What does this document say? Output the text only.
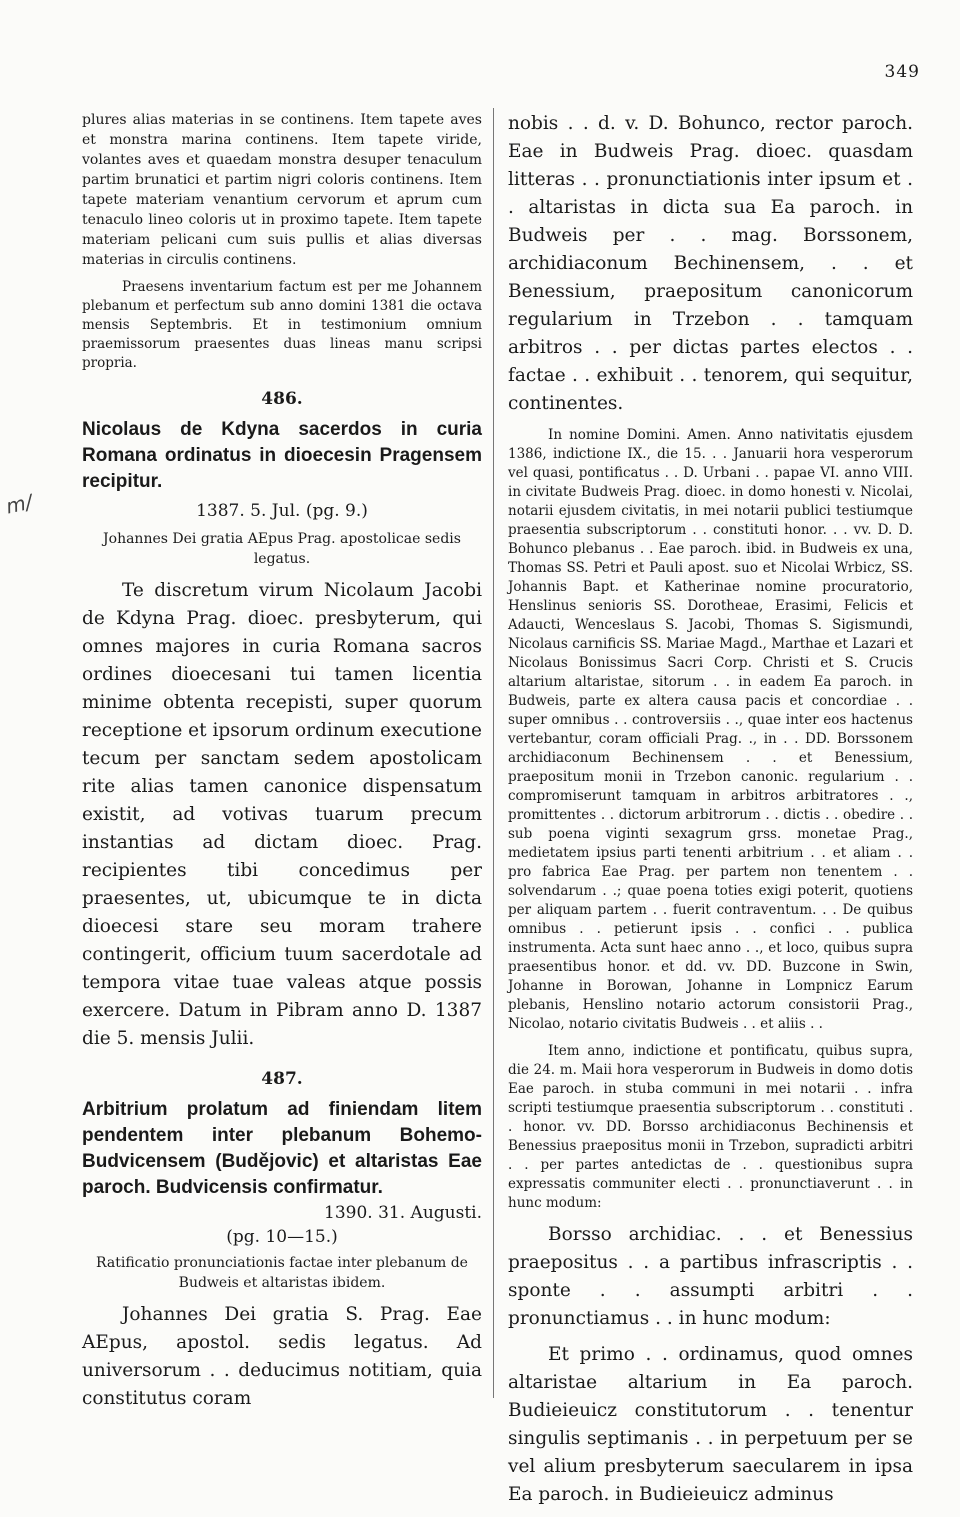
349
m/

plures alias materias in se continens. Item tapete aves et monstra marina continens. Item tapete viride, volantes aves et quaedam monstra desuper tenaculum partim brunatici et partim nigri coloris continens. Item tapete materiam venantium cervorum et aprum cum tenaculo lineo coloris ut in proximo tapete. Item tapete materiam pelicani cum suis pullis et alias diversas materias in circulis continens.

Praesens inventarium factum est per me Johannem plebanum et perfectum sub anno domini 1381 die octava mensis Septembris. Et in testimonium omnium praemissorum praesentes duas lineas manu scripsi propria.

486.

Nicolaus de Kdyna sacerdos in curia Romana ordinatus in dioecesin Pragensem recipitur.

1387. 5. Jul. (pg. 9.)

Johannes Dei gratia AEpus Prag. apostolicae sedis legatus.

Te discretum virum Nicolaum Jacobi de Kdyna Prag. dioec. presbyterum, qui omnes majores in curia Romana sacros ordines dioecesani tui tamen licentia minime obtenta recepisti, super quorum receptione et ipsorum ordinum executione tecum per sanctam sedem apostolicam rite alias tamen canonice dispensatum existit, ad votivas tuarum precum instantias ad dictam dioec. Prag. recipientes tibi concedimus per praesentes, ut, ubicumque te in dicta dioecesi stare seu moram trahere contingerit, officium tuum sacerdotale ad tempora vitae tuae valeas atque possis exercere. Datum in Pibram anno D. 1387 die 5. mensis Julii.

487.

Arbitrium prolatum ad finiendam litem pendentem inter plebanum Bohemo-Budvicensem (Budějovic) et altaristas Eae paroch. Budvicensis confirmatur.

1390. 31. Augusti.
(pg. 10—15.)

Ratificatio pronunciationis factae inter plebanum de Budweis et altaristas ibidem.

Johannes Dei gratia S. Prag. Eae AEpus, apostol. sedis legatus. Ad universorum . . deducimus notitiam, quia constitutus coram

nobis . . d. v. D. Bohunco, rector paroch. Eae in Budweis Prag. dioec. quasdam litteras . . pronunctiationis inter ipsum et . . altaristas in dicta sua Ea paroch. in Budweis per . . mag. Borssonem, archidiaconum Bechinensem, . . et Benessium, praepositum canonicorum regularium in Trzebon . . tamquam arbitros . . per dictas partes electos . . factae . . exhibuit . . tenorem, qui sequitur, continentes.

In nomine Domini. Amen. Anno nativitatis ejusdem 1386, indictione IX., die 15. . . Januarii hora vesperorum vel quasi, pontificatus . . D. Urbani . . papae VI. anno VIII. in civitate Budweis Prag. dioec. in domo honesti v. Nicolai, notarii ejusdem civitatis, in mei notarii publici testiumque praesentia subscriptorum . . constituti honor. . . vv. D. D. Bohunco plebanus . . Eae paroch. ibid. in Budweis ex una, Thomas SS. Petri et Pauli apost. suo et Nicolai Wrbicz, SS. Johannis Bapt. et Katherinae nomine procuratorio, Henslinus senioris SS. Dorotheae, Erasimi, Felicis et Adaucti, Wenceslaus S. Jacobi, Thomas S. Sigismundi, Nicolaus carnificis SS. Mariae Magd., Marthae et Lazari et Nicolaus Bonissimus Sacri Corp. Christi et S. Crucis altarium altaristae, sitorum . . in eadem Ea paroch. in Budweis, parte ex altera causa pacis et concordiae . . super omnibus . . controversiis . ., quae inter eos hactenus vertebantur, coram officiali Prag. ., in . . DD. Borssonem archidiaconum Bechinensem . . et Benessium, praepositum monii in Trzebon canonic. regularium . . compromiserunt tamquam in arbitros arbitratores . ., promittentes . . dictorum arbitrorum . . dictis . . obedire . . sub poena viginti sexagrum grss. monetae Prag., medietatem ipsius parti tenenti arbitrium . . et aliam . . pro fabrica Eae Prag. per partem non tenentem . . solvendarum . .; quae poena toties exigi poterit, quotiens per aliquam partem . . fuerit contraventum. . . De quibus omnibus . . petierunt ipsis . . confici . . publica instrumenta. Acta sunt haec anno . ., et loco, quibus supra praesentibus honor. et dd. vv. DD. Buzcone in Swin, Johanne in Borowan, Johanne in Lompnicz Earum plebanis, Henslino notario actorum consistorii Prag., Nicolao, notario civitatis Budweis . . et aliis . .

Item anno, indictione et pontificatu, quibus supra, die 24. m. Maii hora vesperorum in Budweis in domo dotis Eae paroch. in stuba communi in mei notarii . . infra scripti testiumque praesentia subscriptorum . . constituti . . honor. vv. DD. Borsso archidiaconus Bechinensis et Benessius praepositus monii in Trzebon, supradicti arbitri . . per partes antedictas de . . questionibus supra expressatis communiter electi . . pronunctiaverunt . . in hunc modum:

Borsso archidiac. . . et Benessius praepositus . . a partibus infrascriptis . . sponte . . assumpti arbitri . . pronunctiamus . . in hunc modum:

Et primo . . ordinamus, quod omnes altaristae altarium in Ea paroch. Budieieuicz constitutorum . . tenentur singulis septimanis . . in perpetuum per se vel alium presbyterum saecularem in ipsa Ea paroch. in Budieieuicz adminus
